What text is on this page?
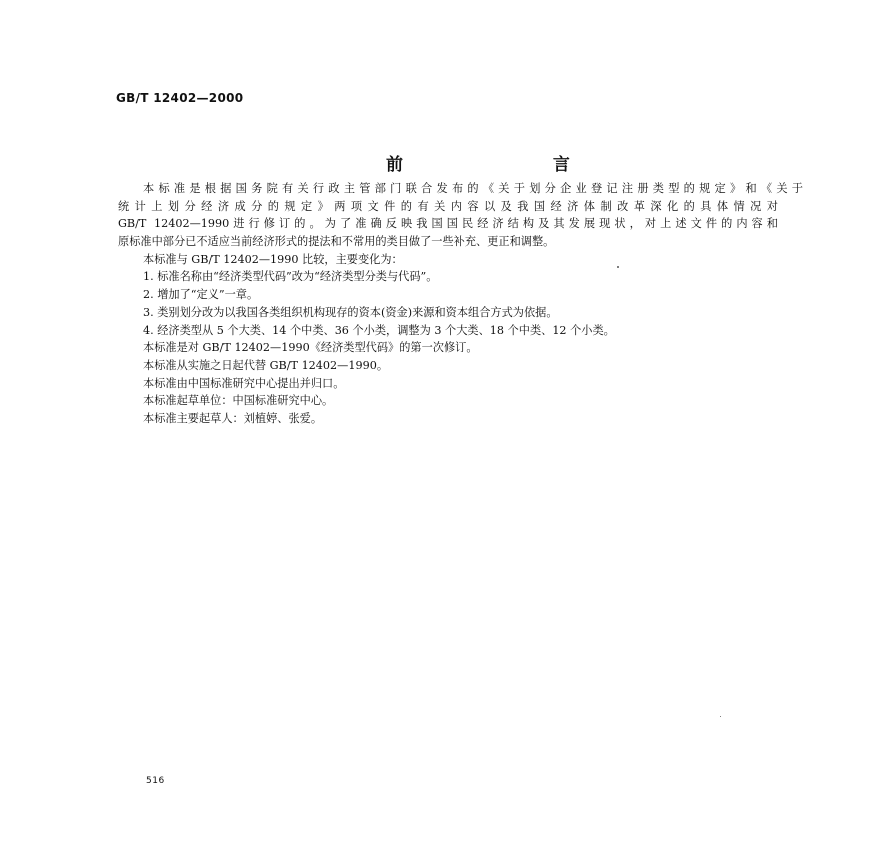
GB/T 12402—2000
前 言
本标准是根据国务院有关行政主管部门联合发布的《关于划分企业登记注册类型的规定》和《关于
统计上划分经济成分的规定》两项文件的有关内容以及我国经济体制改革深化的具体情况对
GB/T 12402—1990进行修订的。为了准确反映我国国民经济结构及其发展现状，对上述文件的内容和
原标准中部分已不适应当前经济形式的提法和不常用的类目做了一些补充、更正和调整。
本标准与 GB/T 12402—1990 比较，主要变化为：
1. 标准名称由“经济类型代码”改为“经济类型分类与代码”。
2. 增加了“定义”一章。
3. 类别划分改为以我国各类组织机构现存的资本(资金)来源和资本组合方式为依据。
4. 经济类型从 5 个大类、14 个中类、36 个小类，调整为 3 个大类、18 个中类、12 个小类。
本标准是对 GB/T 12402—1990《经济类型代码》的第一次修订。
本标准从实施之日起代替 GB/T 12402—1990。
本标准由中国标准研究中心提出并归口。
本标准起草单位：中国标准研究中心。
本标准主要起草人：刘植婷、张爱。
516
